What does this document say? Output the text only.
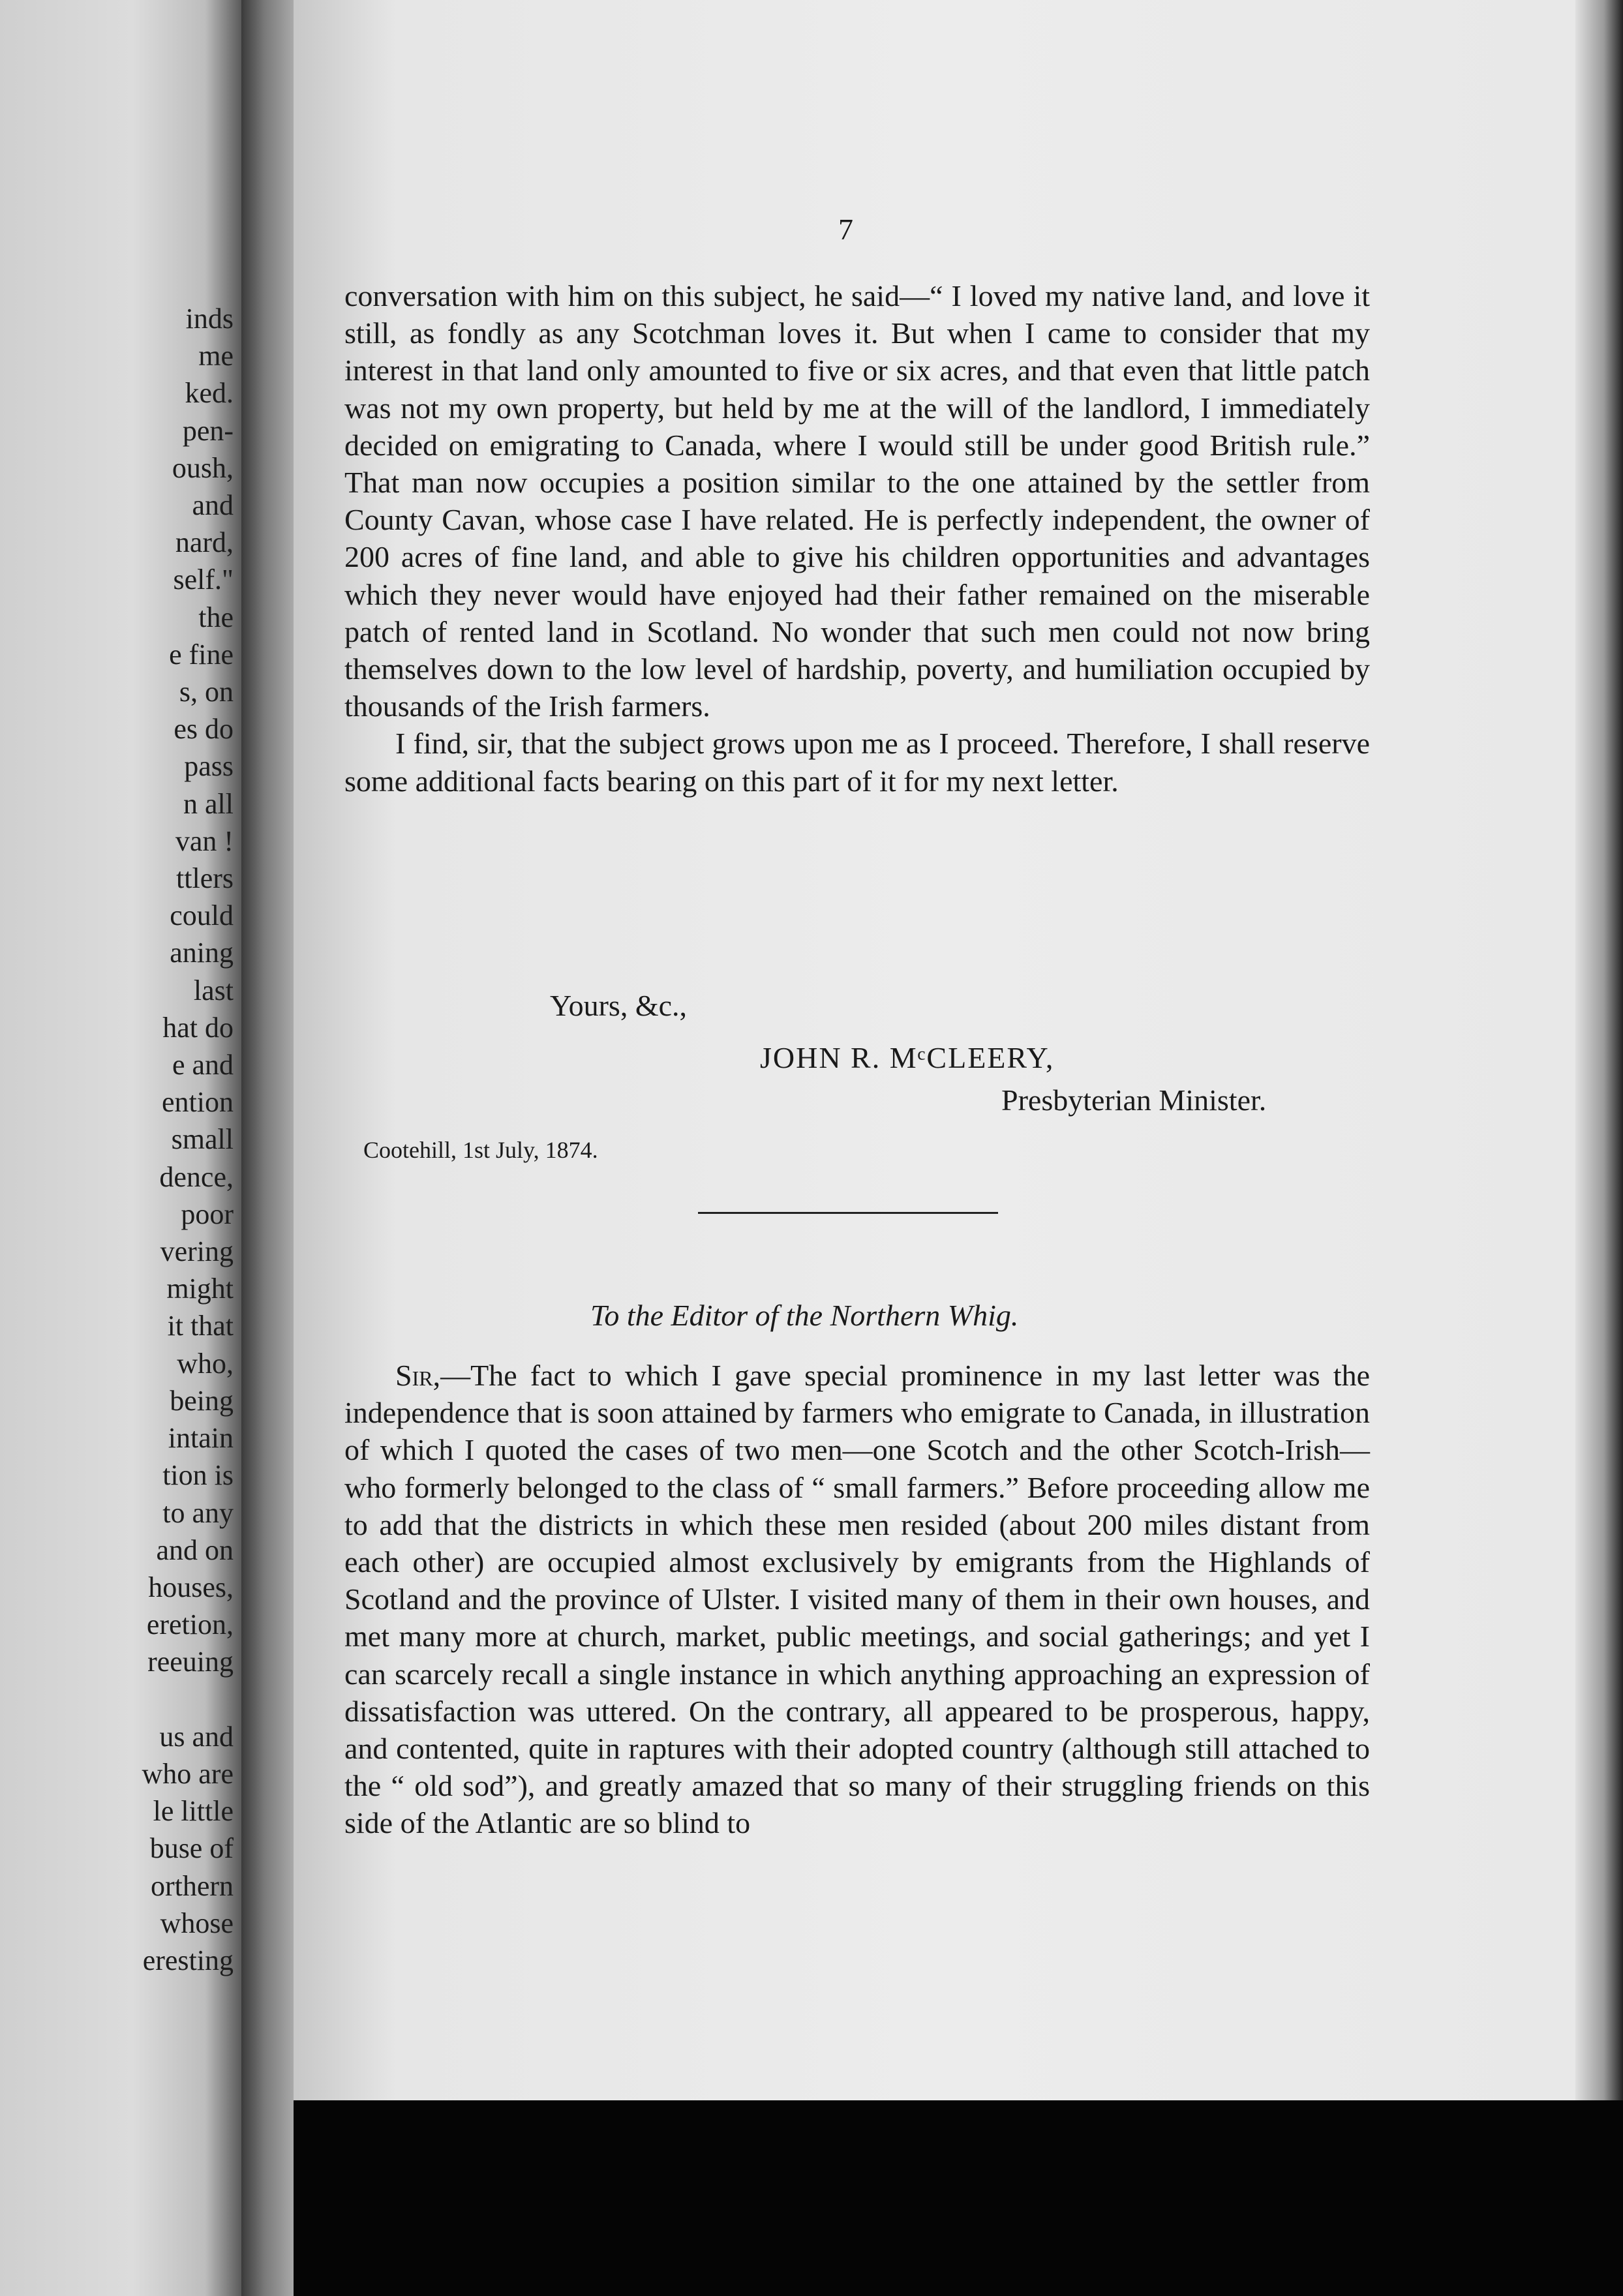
inds
me
ked.
pen-
oush,
and
nard,
self."
the
e fine
s, on
es do
pass
n all
van !
ttlers
could
aning
last
hat do
e and
ention
small
dence,
poor
vering
might
it that
who,
being
intain
tion is
to any
and on
houses,
eretion,
reeuing

us and
who are
le little
buse of
orthern
whose
eresting
7

conversation with him on this subject, he said—“ I loved my native land, and love it still, as fondly as any Scotchman loves it. But when I came to consider that my interest in that land only amounted to five or six acres, and that even that little patch was not my own property, but held by me at the will of the landlord, I immediately decided on emigrating to Canada, where I would still be under good British rule.” That man now occupies a position similar to the one attained by the settler from County Cavan, whose case I have related. He is perfectly independent, the owner of 200 acres of fine land, and able to give his children opportunities and advantages which they never would have enjoyed had their father remained on the miserable patch of rented land in Scotland. No wonder that such men could not now bring themselves down to the low level of hardship, poverty, and humiliation occupied by thousands of the Irish farmers.

I find, sir, that the subject grows upon me as I proceed. Therefore, I shall reserve some additional facts bearing on this part of it for my next letter.

Yours, &c.,
JOHN R. MᶜCLEERY,
Presbyterian Minister.
Cootehill, 1st July, 1874.
To the Editor of the Northern Whig.

Sir,—The fact to which I gave special prominence in my last letter was the independence that is soon attained by farmers who emigrate to Canada, in illustration of which I quoted the cases of two men—one Scotch and the other Scotch-Irish—who formerly belonged to the class of “ small farmers.” Before proceeding allow me to add that the districts in which these men resided (about 200 miles distant from each other) are occupied almost exclusively by emigrants from the Highlands of Scotland and the province of Ulster. I visited many of them in their own houses, and met many more at church, market, public meetings, and social gatherings; and yet I can scarcely recall a single instance in which anything approaching an expression of dissatisfaction was uttered. On the contrary, all appeared to be prosperous, happy, and contented, quite in raptures with their adopted country (although still attached to the “ old sod”), and greatly amazed that so many of their struggling friends on this side of the Atlantic are so blind to
